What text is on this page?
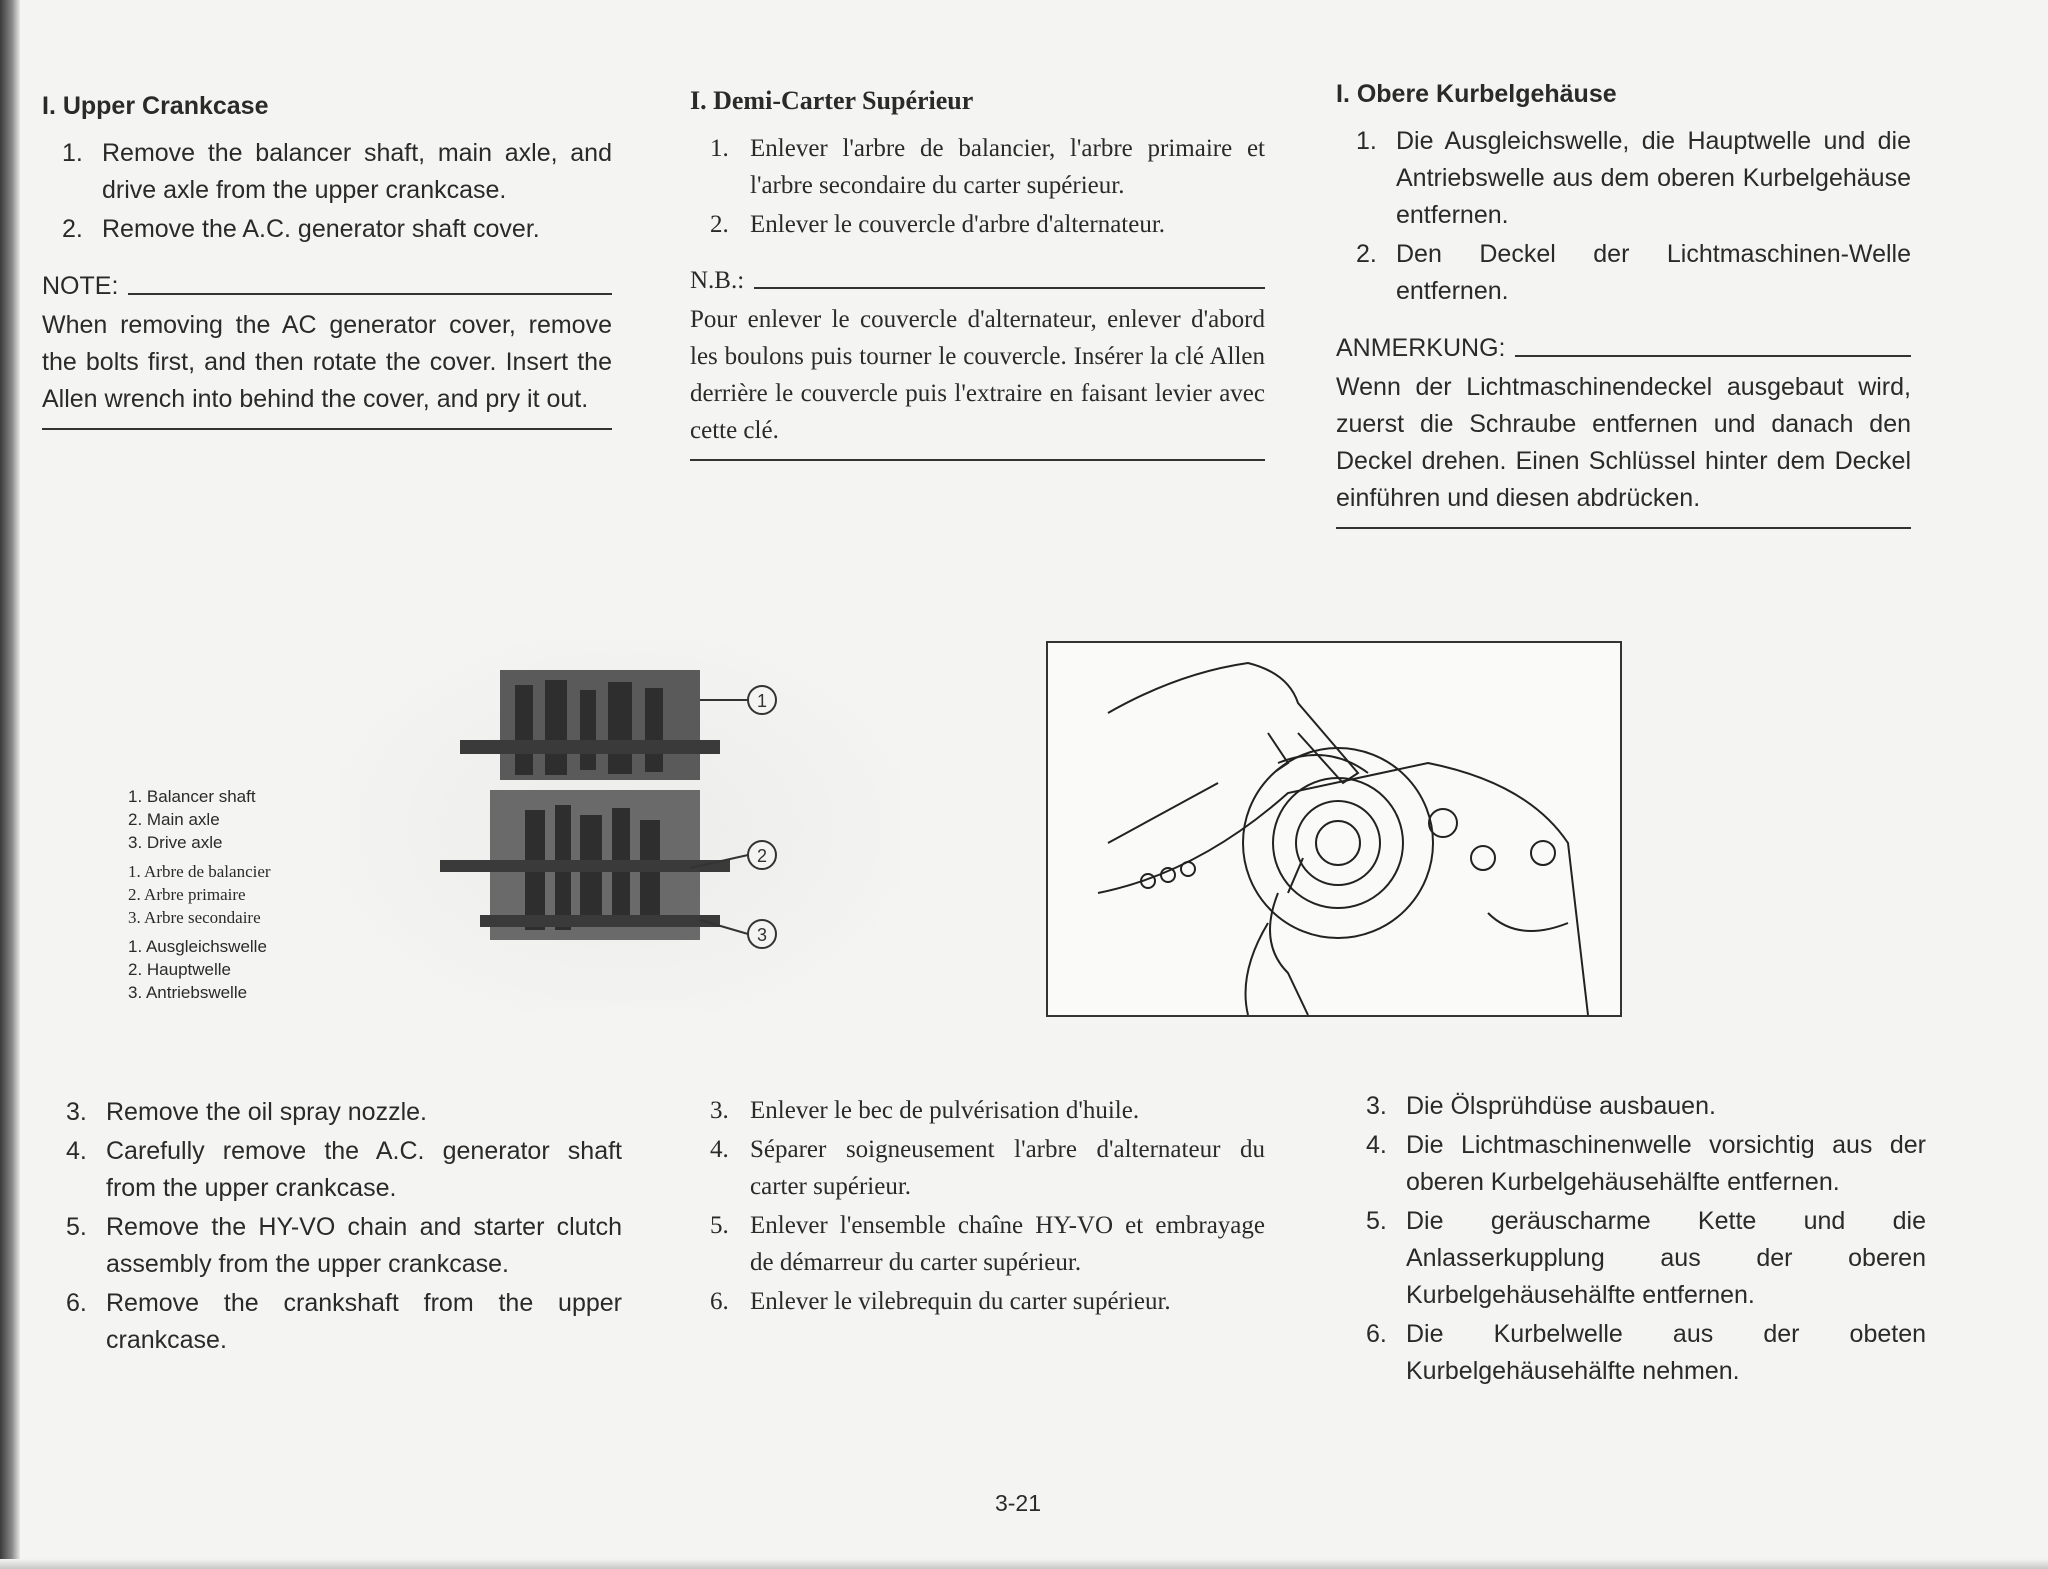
I. Upper Crankcase
1. Remove the balancer shaft, main axle, and drive axle from the upper crankcase.
2. Remove the A.C. generator shaft cover.
NOTE:
When removing the AC generator cover, remove the bolts first, and then rotate the cover. Insert the Allen wrench into behind the cover, and pry it out.
I. Demi-Carter Supérieur
1. Enlever l'arbre de balancier, l'arbre primaire et l'arbre secondaire du carter supérieur.
2. Enlever le couvercle d'arbre d'alternateur.
N.B.:
Pour enlever le couvercle d'alternateur, enlever d'abord les boulons puis tourner le couvercle. Insérer la clé Allen derrière le couvercle puis l'extraire en faisant levier avec cette clé.
I. Obere Kurbelgehäuse
1. Die Ausgleichswelle, die Hauptwelle und die Antriebswelle aus dem oberen Kurbelgehäuse entfernen.
2. Den Deckel der Lichtmaschinen-Welle entfernen.
ANMERKUNG:
Wenn der Lichtmaschinendeckel ausgebaut wird, zuerst die Schraube entfernen und danach den Deckel drehen. Einen Schlüssel hinter dem Deckel einführen und diesen abdrücken.
1
2
3
1. Balancer shaft
2. Main axle
3. Drive axle
1. Arbre de balancier
2. Arbre primaire
3. Arbre secondaire
1. Ausgleichswelle
2. Hauptwelle
3. Antriebswelle
3. Remove the oil spray nozzle.
4. Carefully remove the A.C. generator shaft from the upper crankcase.
5. Remove the HY-VO chain and starter clutch assembly from the upper crankcase.
6. Remove the crankshaft from the upper crankcase.
3. Enlever le bec de pulvérisation d'huile.
4. Séparer soigneusement l'arbre d'alternateur du carter supérieur.
5. Enlever l'ensemble chaîne HY-VO et embrayage de démarreur du carter supérieur.
6. Enlever le vilebrequin du carter supérieur.
3. Die Ölsprühdüse ausbauen.
4. Die Lichtmaschinenwelle vorsichtig aus der oberen Kurbelgehäusehälfte entfernen.
5. Die geräuscharme Kette und die Anlasserkupplung aus der oberen Kurbelgehäusehälfte entfernen.
6. Die Kurbelwelle aus der obeten Kurbelgehäusehälfte nehmen.
3-21
